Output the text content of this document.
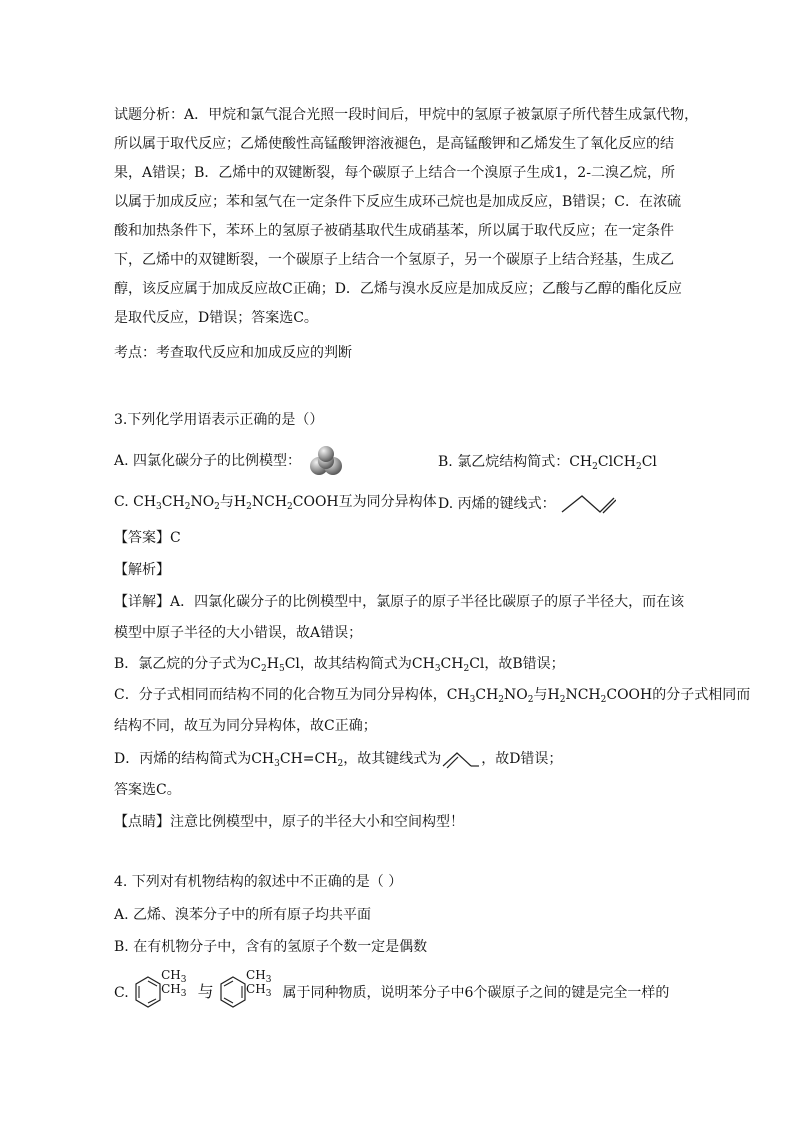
试题分析：A．甲烷和氯气混合光照一段时间后，甲烷中的氢原子被氯原子所代替生成氯代物，
所以属于取代反应；乙烯使酸性高锰酸钾溶液褪色，是高锰酸钾和乙烯发生了氧化反应的结
果，A错误；B．乙烯中的双键断裂，每个碳原子上结合一个溴原子生成1，2-二溴乙烷，所
以属于加成反应；苯和氢气在一定条件下反应生成环己烷也是加成反应，B错误；C．在浓硫
酸和加热条件下，苯环上的氢原子被硝基取代生成硝基苯，所以属于取代反应；在一定条件
下，乙烯中的双键断裂，一个碳原子上结合一个氢原子，另一个碳原子上结合羟基，生成乙
醇，该反应属于加成反应故C正确；D．乙烯与溴水反应是加成反应；乙酸与乙醇的酯化反应
是取代反应，D错误；答案选C。
考点：考查取代反应和加成反应的判断
3.下列化学用语表示正确的是（）
A. 四氯化碳分子的比例模型：	B. 氯乙烷结构简式：$CH_2ClCH_2Cl$
C. $CH_3CH_2NO_2$与$H_2NCH_2COOH$互为同分异构体 D. 丙烯的键线式：
【答案】C
【解析】
【详解】A．四氯化碳分子的比例模型中，氯原子的原子半径比碳原子的原子半径大，而在该
模型中原子半径的大小错误，故A错误；
B．氯乙烷的分子式为$C_2H_5Cl$，故其结构简式为$CH_3CH_2Cl$，故B错误；
C．分子式相同而结构不同的化合物互为同分异构体，$CH_3CH_2NO_2$与$H_2NCH_2COOH$的分子式相同而
结构不同，故互为同分异构体，故C正确；
D．丙烯的结构简式为$CH_3CH=CH_2$，故其键线式为	，故D错误；
答案选C。
【点睛】注意比例模型中，原子的半径大小和空间构型！
4. 下列对有机物结构的叙述中不正确的是（ ）
A. 乙烯、溴苯分子中的所有原子均共平面
B. 在有机物分子中，含有的氢原子个数一定是偶数
C.
$CH_3$
$CH_3$ 与
$CH_3$
$CH_3$ 属于同种物质，说明苯分子中6个碳原子之间的键是完全一样的
